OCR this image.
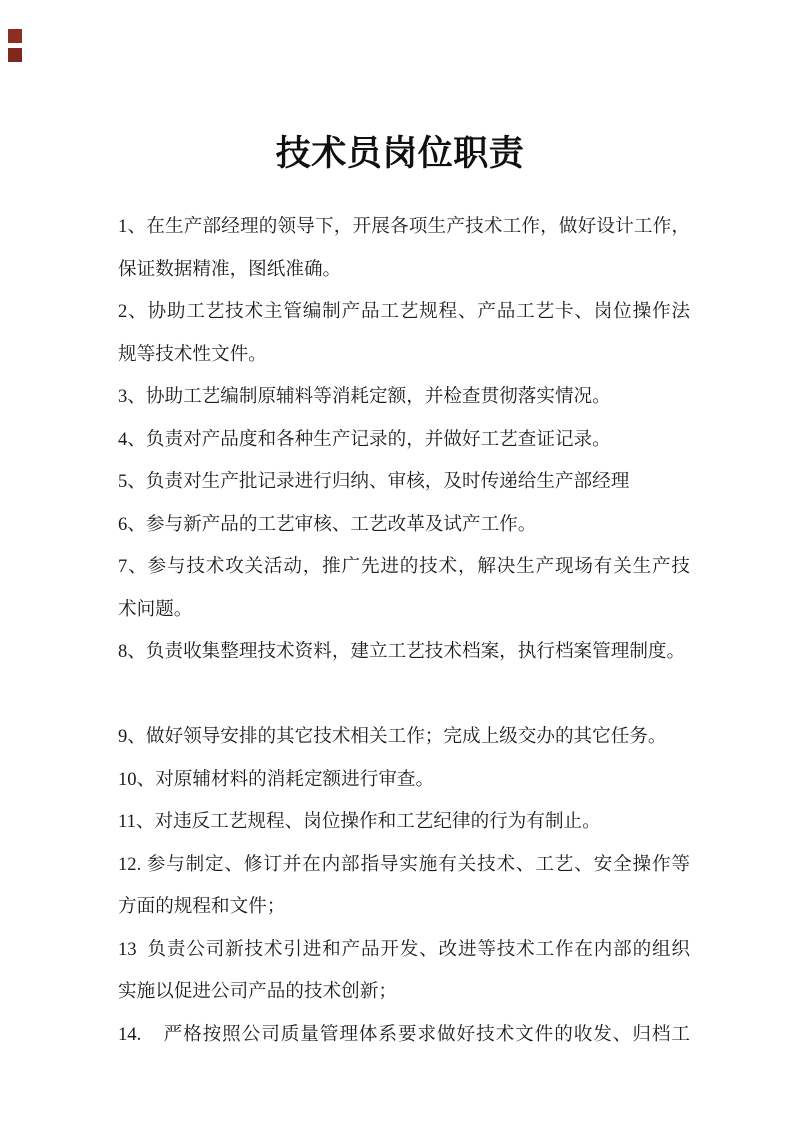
技术员岗位职责
1、在生产部经理的领导下，开展各项生产技术工作，做好设计工作，
保证数据精准，图纸准确。
2、协助工艺技术主管编制产品工艺规程、产品工艺卡、岗位操作法
规等技术性文件。
3、协助工艺编制原辅料等消耗定额，并检查贯彻落实情况。
4、负责对产品度和各种生产记录的，并做好工艺查证记录。
5、负责对生产批记录进行归纳、审核，及时传递给生产部经理
6、参与新产品的工艺审核、工艺改革及试产工作。
7、参与技术攻关活动，推广先进的技术，解决生产现场有关生产技
术问题。
8、负责收集整理技术资料，建立工艺技术档案，执行档案管理制度。
9、做好领导安排的其它技术相关工作；完成上级交办的其它任务。
10、对原辅材料的消耗定额进行审查。
11、对违反工艺规程、岗位操作和工艺纪律的行为有制止。
12. 参与制定、修订并在内部指导实施有关技术、工艺、安全操作等
方面的规程和文件；
13  负责公司新技术引进和产品开发、改进等技术工作在内部的组织
实施以促进公司产品的技术创新；
14.    严格按照公司质量管理体系要求做好技术文件的收发、归档工
